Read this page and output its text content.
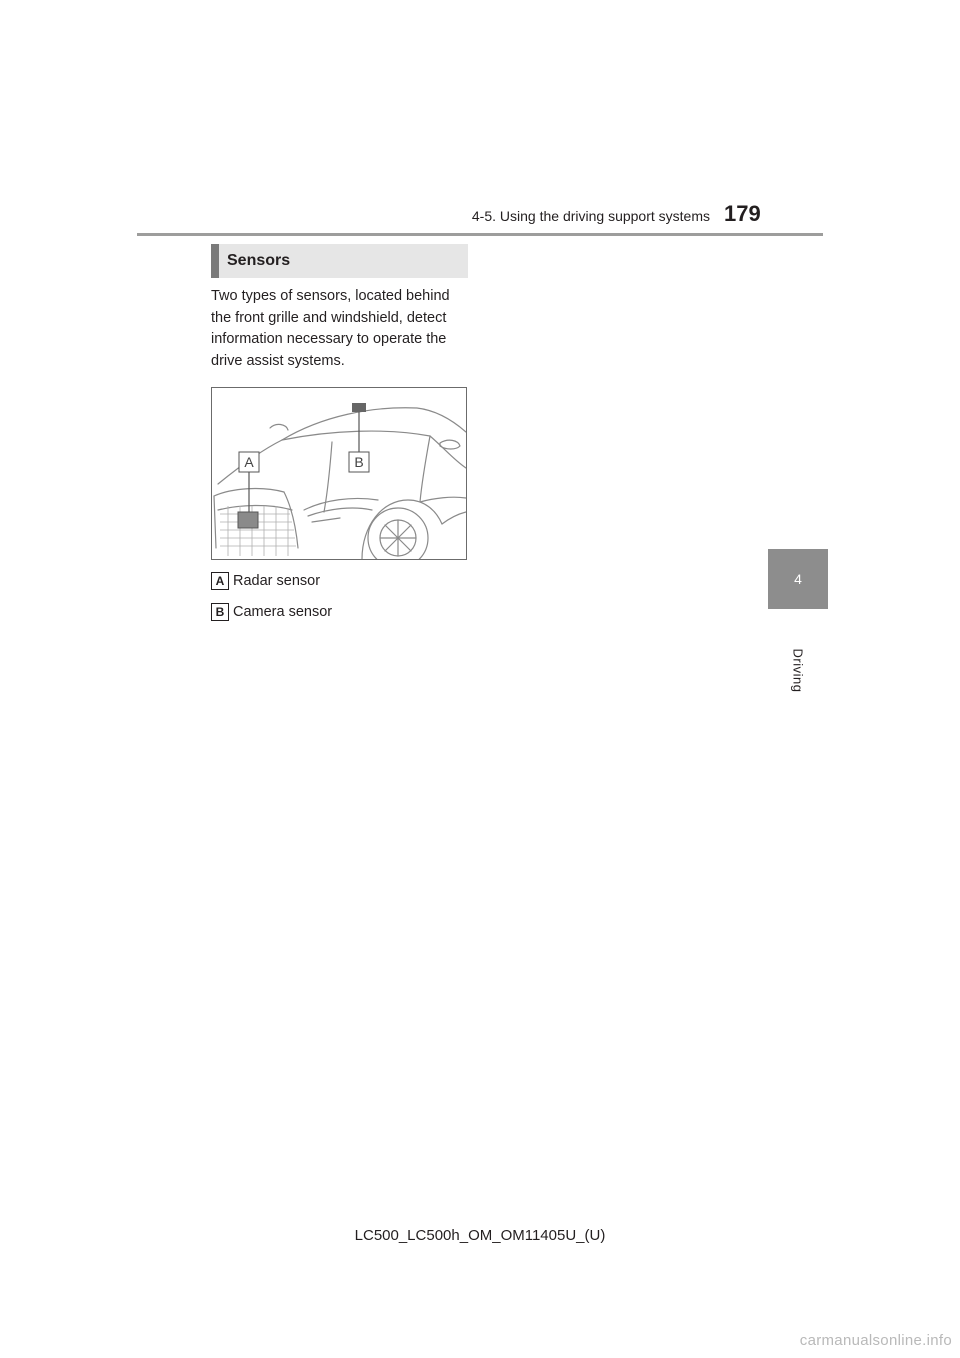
4-5. Using the driving support systems 179
4
Driving
Sensors

Two types of sensors, located behind the front grille and windshield, detect information necessary to operate the drive assist systems.

A	B
A Radar sensor
B Camera sensor
LC500_LC500h_OM_OM11405U_(U)
carmanualsonline.info
